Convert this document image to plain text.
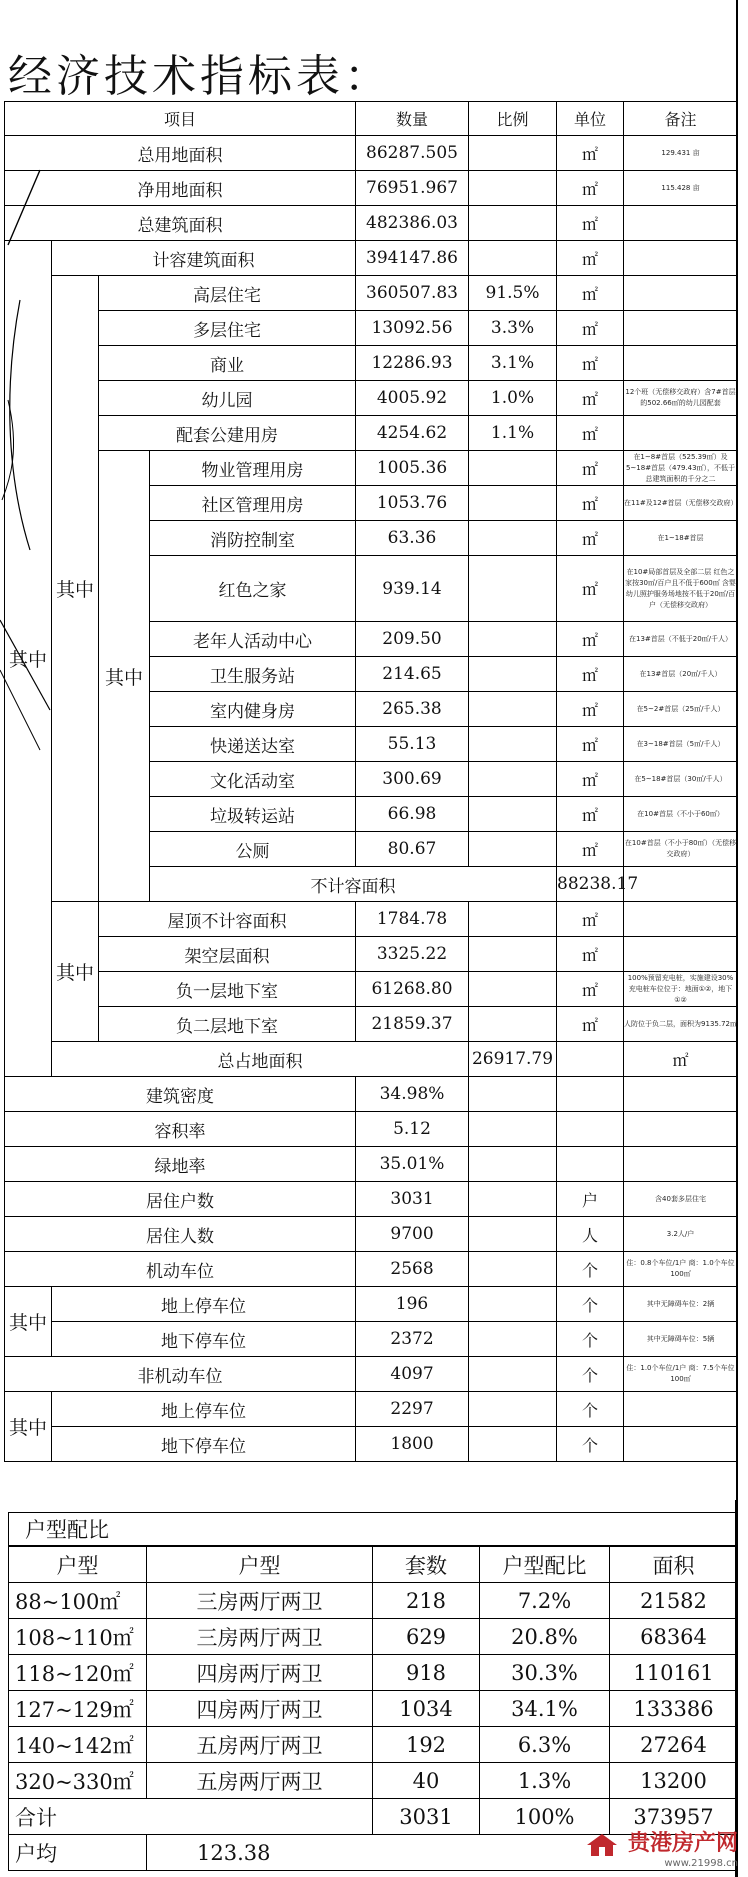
经济技术指标表：
项目				数量	比例	单位	备注	
总用地面积				86287.505		㎡	129.431 亩	
净用地面积				76951.967		㎡	115.428 亩	
总建筑面积				482386.03		㎡		
其中	计容建筑面积			394147.86		㎡		
	其中	高层住宅		360507.83	91.5%	㎡		
		多层住宅		13092.56	3.3%	㎡		
		商业		12286.93	3.1%	㎡		
		幼儿园		4005.92	1.0%	㎡	12个班（无偿移交政府）含7#首层的502.66㎡的幼儿园配套	
		配套公建用房		4254.62	1.1%	㎡		
		其中	物业管理用房	1005.36		㎡	在1~8#首层（525.39㎡）及5~18#首层（479.43㎡），不低于总建筑面积的千分之二	
			社区管理用房	1053.76		㎡	在11#及12#首层（无偿移交政府）	
			消防控制室	63.36		㎡	在1~18#首层	
			红色之家	939.14		㎡	在10#局部首层及全部二层 红色之家按30㎡/百户且不低于600㎡ 含婴幼儿照护服务场地按不低于20㎡/百户（无偿移交政府）	
			老年人活动中心	209.50		㎡	在13#首层（不低于20㎡/千人）	
			卫生服务站	214.65		㎡	在13#首层（20㎡/千人）	
			室内健身房	265.38		㎡	在5~2#首层（25㎡/千人）	
			快递送达室	55.13		㎡	在3~18#首层（5㎡/千人）	
			文化活动室	300.69		㎡	在5~18#首层（30㎡/千人）	
			垃圾转运站	66.98		㎡	在10#首层（不小于60㎡）	
			公厕	80.67		㎡	在10#首层（不小于80㎡）（无偿移交政府）	
			不计容面积			88238.17			
	其中	屋顶不计容面积		1784.78		㎡		
		架空层面积		3325.22		㎡		
		负一层地下室		61268.80		㎡	100%预留充电桩，实施建设30% 充电桩车位位于：地面①②，地下①②	
		负二层地下室		21859.37		㎡	人防位于负二层，面积为9135.72㎡	
	总占地面积				26917.79		㎡	
建筑密度				34.98%				
容积率				5.12				
绿地率				35.01%				
居住户数				3031		户	含40套多层住宅	
居住人数				9700		人	3.2人/户	
机动车位				2568		个	住：0.8个车位/1户 商：1.0个车位 100㎡	
其中	地上停车位			196		个	其中无障碍车位：2辆	
	地下停车位			2372		个	其中无障碍车位：5辆	
非机动车位				4097		个	住：1.0个车位/1户 商：7.5个车位 100㎡	
其中	地上停车位			2297		个		
	地下停车位			1800		个		
户型配比
户型	户型	套数	户型配比	面积
88~100㎡	三房两厅两卫	218	7.2%	21582
108~110㎡	三房两厅两卫	629	20.8%	68364
118~120㎡	四房两厅两卫	918	30.3%	110161
127~129㎡	四房两厅两卫	1034	34.1%	133386
140~142㎡	五房两厅两卫	192	6.3%	27264
320~330㎡	五房两厅两卫	40	1.3%	13200
合计		3031	100%	373957
户均	123.38				贵港房产网
www.21998.cn
